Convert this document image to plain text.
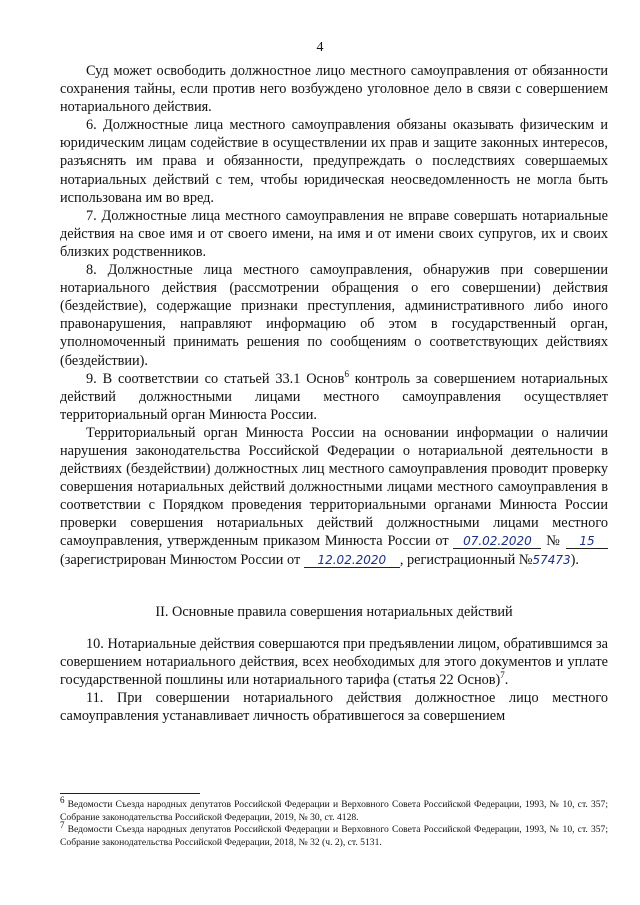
4

Суд может освободить должностное лицо местного самоуправления от обязанности сохранения тайны, если против него возбуждено уголовное дело в связи с совершением нотариального действия.

6. Должностные лица местного самоуправления обязаны оказывать физическим и юридическим лицам содействие в осуществлении их прав и защите законных интересов, разъяснять им права и обязанности, предупреждать о последствиях совершаемых нотариальных действий с тем, чтобы юридическая неосведомленность не могла быть использована им во вред.

7. Должностные лица местного самоуправления не вправе совершать нотариальные действия на свое имя и от своего имени, на имя и от имени своих супругов, их и своих близких родственников.

8. Должностные лица местного самоуправления, обнаружив при совершении нотариального действия (рассмотрении обращения о его совершении) действия (бездействие), содержащие признаки преступления, административного либо иного правонарушения, направляют информацию об этом в государственный орган, уполномоченный принимать решения по сообщениям о соответствующих действиях (бездействии).

9. В соответствии со статьей 33.1 Основ$^6$ контроль за совершением нотариальных действий должностными лицами местного самоуправления осуществляет территориальный орган Минюста России.

Территориальный орган Минюста России на основании информации о наличии нарушения законодательства Российской Федерации о нотариальной деятельности в действиях (бездействии) должностных лиц местного самоуправления проводит проверку совершения нотариальных действий должностными лицами местного самоуправления в соответствии с Порядком проведения территориальными органами Минюста России проверки совершения нотариальных действий должностными лицами местного самоуправления, утвержденным приказом Минюста России от 07.02.2020 № 15 (зарегистрирован Минюстом России от 12.02.2020 , регистрационный №57473).

II. Основные правила совершения нотариальных действий

10. Нотариальные действия совершаются при предъявлении лицом, обратившимся за совершением нотариального действия, всех необходимых для этого документов и уплате государственной пошлины или нотариального тарифа (статья 22 Основ)$^7$.

11. При совершении нотариального действия должностное лицо местного самоуправления устанавливает личность обратившегося за совершением

$^6$ Ведомости Съезда народных депутатов Российской Федерации и Верховного Совета Российской Федерации, 1993, № 10, ст. 357; Собрание законодательства Российской Федерации, 2019, № 30, ст. 4128.

$^7$ Ведомости Съезда народных депутатов Российской Федерации и Верховного Совета Российской Федерации, 1993, № 10, ст. 357; Собрание законодательства Российской Федерации, 2018, № 32 (ч. 2), ст. 5131.
